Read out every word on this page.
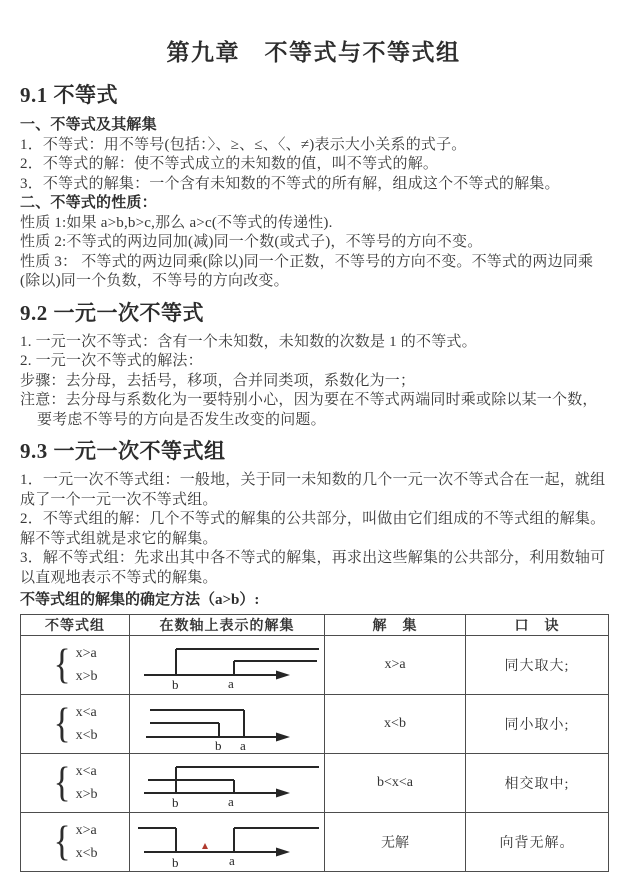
第九章　不等式与不等式组
9.1 不等式

一、不等式及其解集

1．不等式：用不等号(包括：〉、≥、≤、〈、≠)表示大小关系的式子。

2．不等式的解：使不等式成立的未知数的值，叫不等式的解。

3．不等式的解集：一个含有未知数的不等式的所有解，组成这个不等式的解集。

二、不等式的性质：

性质 1:如果 a>b,b>c,那么 a>c(不等式的传递性).

性质 2:不等式的两边同加(减)同一个数(或式子)，不等号的方向不变。

性质 3： 不等式的两边同乘(除以)同一个正数，不等号的方向不变。不等式的两边同乘(除以)同一个负数，不等号的方向改变。

9.2 一元一次不等式

1. 一元一次不等式：含有一个未知数，未知数的次数是 1 的不等式。

2. 一元一次不等式的解法：

步骤：去分母，去括号，移项，合并同类项，系数化为一；

注意：去分母与系数化为一要特别小心，因为要在不等式两端同时乘或除以某一个数，要考虑不等号的方向是否发生改变的问题。

9.3 一元一次不等式组

1．一元一次不等式组：一般地，关于同一未知数的几个一元一次不等式合在一起，就组成了一个一元一次不等式组。

2．不等式组的解：几个不等式的解集的公共部分，叫做由它们组成的不等式组的解集。解不等式组就是求它的解集。

3．解不等式组：先求出其中各不等式的解集，再求出这些解集的公共部分，利用数轴可以直观地表示不等式的解集。

不等式组的解集的确定方法（a>b）:

不等式组	在数轴上表示的解集	解　集	口　诀

{ x>a
x>b	b a	x>a	同大取大;

{ x<a
x<b	b a	x<b	同小取小;

{ x<a
x>b	b a	b<x<a	相交取中;

{ x>a
x<b	b a	无解	向背无解。
